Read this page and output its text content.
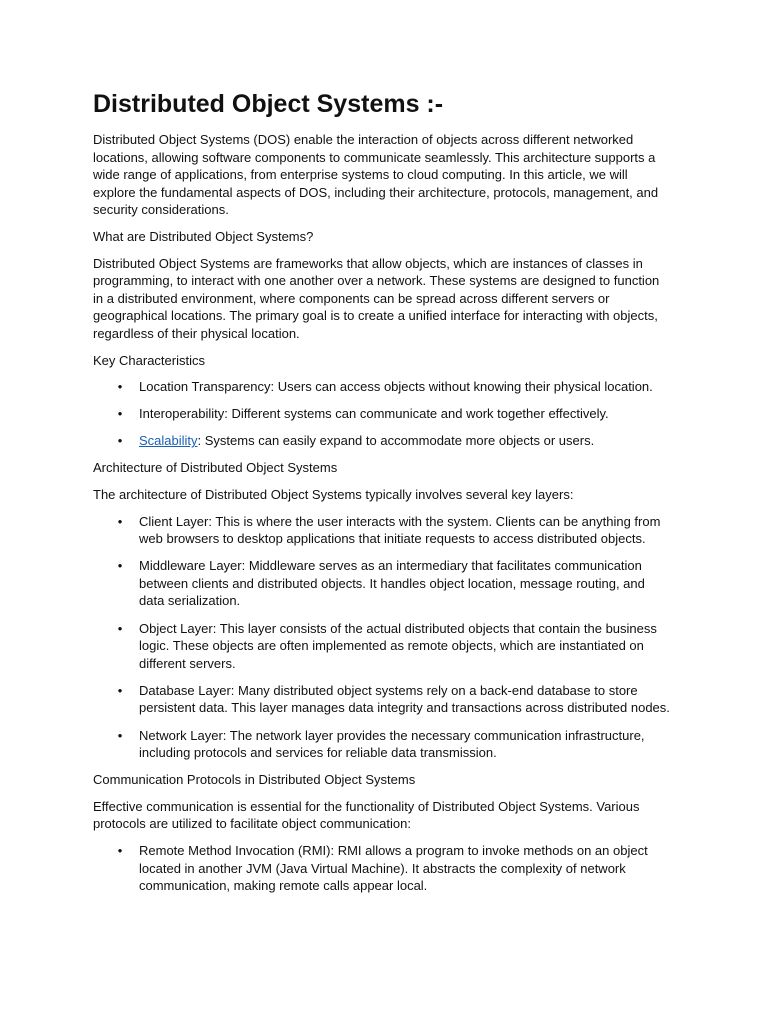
Distributed Object Systems :-

Distributed Object Systems (DOS) enable the interaction of objects across different networked locations, allowing software components to communicate seamlessly. This architecture supports a wide range of applications, from enterprise systems to cloud computing. In this article, we will explore the fundamental aspects of DOS, including their architecture, protocols, management, and security considerations.

What are Distributed Object Systems?

Distributed Object Systems are frameworks that allow objects, which are instances of classes in programming, to interact with one another over a network. These systems are designed to function in a distributed environment, where components can be spread across different servers or geographical locations. The primary goal is to create a unified interface for interacting with objects, regardless of their physical location.

Key Characteristics

• Location Transparency: Users can access objects without knowing their physical location.
• Interoperability: Different systems can communicate and work together effectively.
• Scalability: Systems can easily expand to accommodate more objects or users.

Architecture of Distributed Object Systems

The architecture of Distributed Object Systems typically involves several key layers:

• Client Layer: This is where the user interacts with the system. Clients can be anything from web browsers to desktop applications that initiate requests to access distributed objects.
• Middleware Layer: Middleware serves as an intermediary that facilitates communication between clients and distributed objects. It handles object location, message routing, and data serialization.
• Object Layer: This layer consists of the actual distributed objects that contain the business logic. These objects are often implemented as remote objects, which are instantiated on different servers.
• Database Layer: Many distributed object systems rely on a back-end database to store persistent data. This layer manages data integrity and transactions across distributed nodes.
• Network Layer: The network layer provides the necessary communication infrastructure, including protocols and services for reliable data transmission.

Communication Protocols in Distributed Object Systems

Effective communication is essential for the functionality of Distributed Object Systems. Various protocols are utilized to facilitate object communication:

• Remote Method Invocation (RMI): RMI allows a program to invoke methods on an object located in another JVM (Java Virtual Machine). It abstracts the complexity of network communication, making remote calls appear local.
